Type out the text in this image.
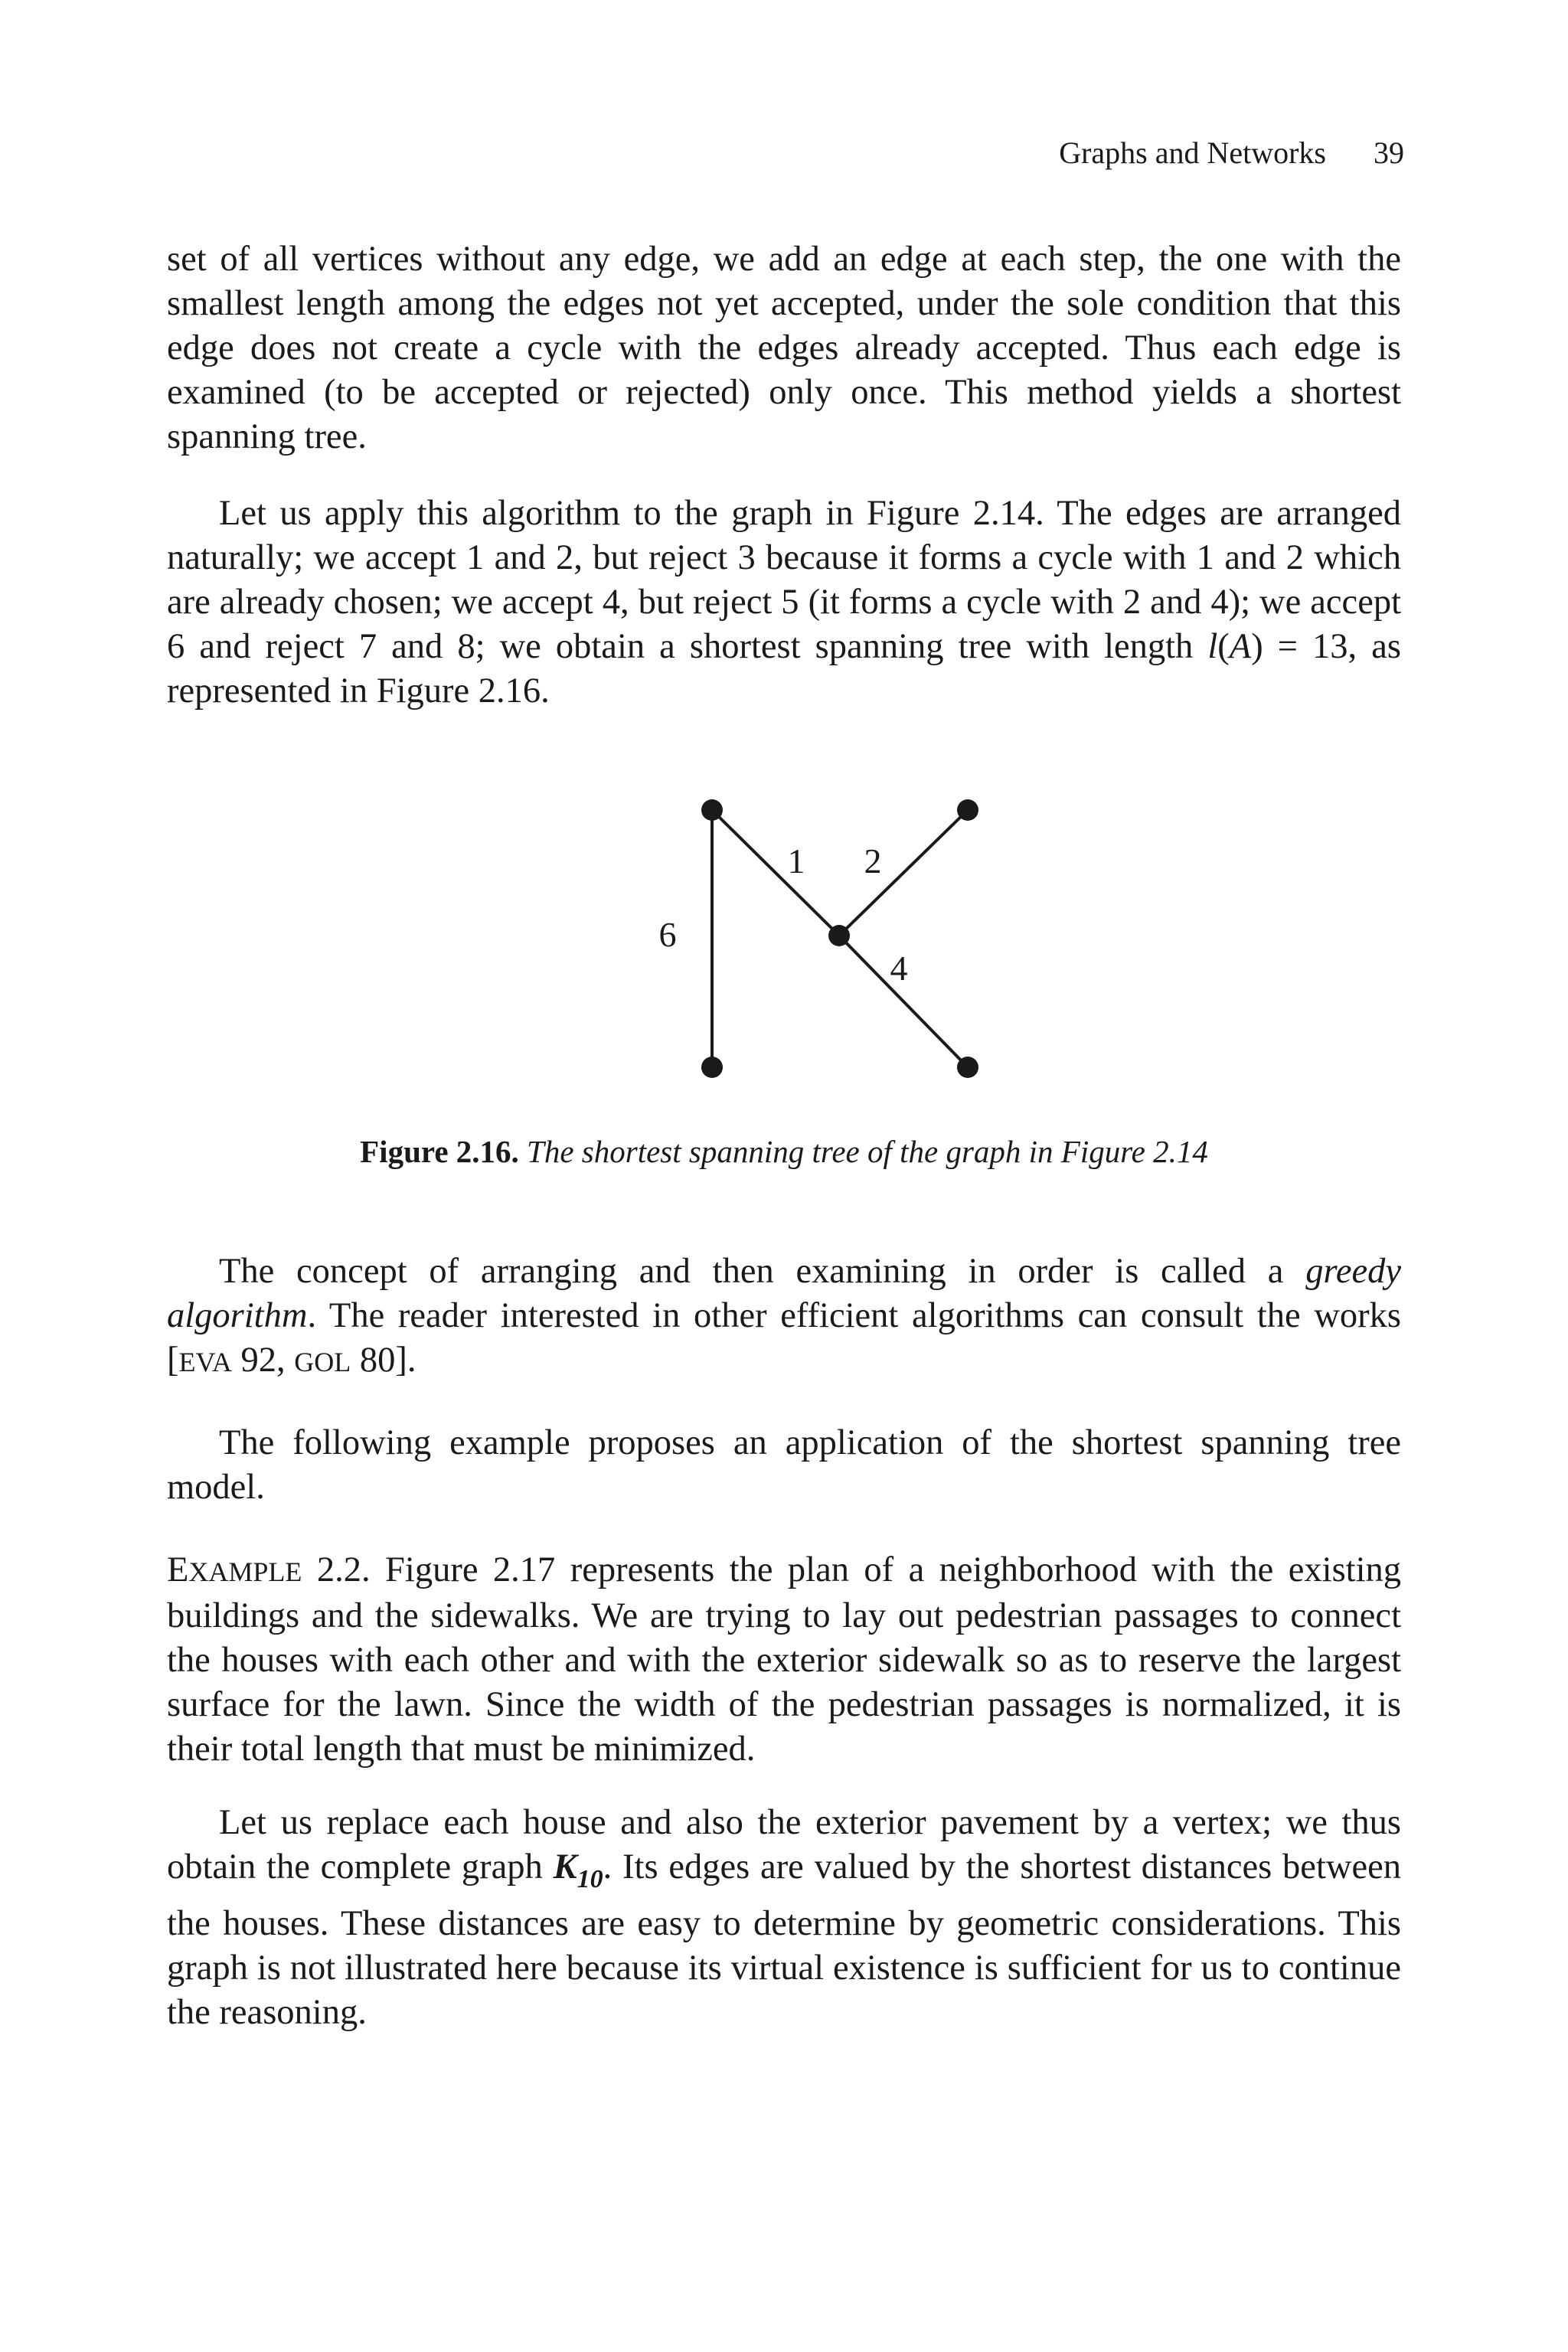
Graphs and Networks 39

set of all vertices without any edge, we add an edge at each step, the one with the smallest length among the edges not yet accepted, under the sole condition that this edge does not create a cycle with the edges already accepted. Thus each edge is examined (to be accepted or rejected) only once. This method yields a shortest spanning tree.

Let us apply this algorithm to the graph in Figure 2.14. The edges are arranged naturally; we accept 1 and 2, but reject 3 because it forms a cycle with 1 and 2 which are already chosen; we accept 4, but reject 5 (it forms a cycle with 2 and 4); we accept 6 and reject 7 and 8; we obtain a shortest spanning tree with length l(A) = 13, as represented in Figure 2.16.

1 2
6
4
Figure 2.16. The shortest spanning tree of the graph in Figure 2.14

The concept of arranging and then examining in order is called a greedy algorithm. The reader interested in other efficient algorithms can consult the works [EVA 92, GOL 80].

The following example proposes an application of the shortest spanning tree model.

EXAMPLE 2.2. Figure 2.17 represents the plan of a neighborhood with the existing buildings and the sidewalks. We are trying to lay out pedestrian passages to connect the houses with each other and with the exterior sidewalk so as to reserve the largest surface for the lawn. Since the width of the pedestrian passages is normalized, it is their total length that must be minimized.

Let us replace each house and also the exterior pavement by a vertex; we thus obtain the complete graph $K_{10}$. Its edges are valued by the shortest distances between the houses. These distances are easy to determine by geometric considerations. This graph is not illustrated here because its virtual existence is sufficient for us to continue the reasoning.
